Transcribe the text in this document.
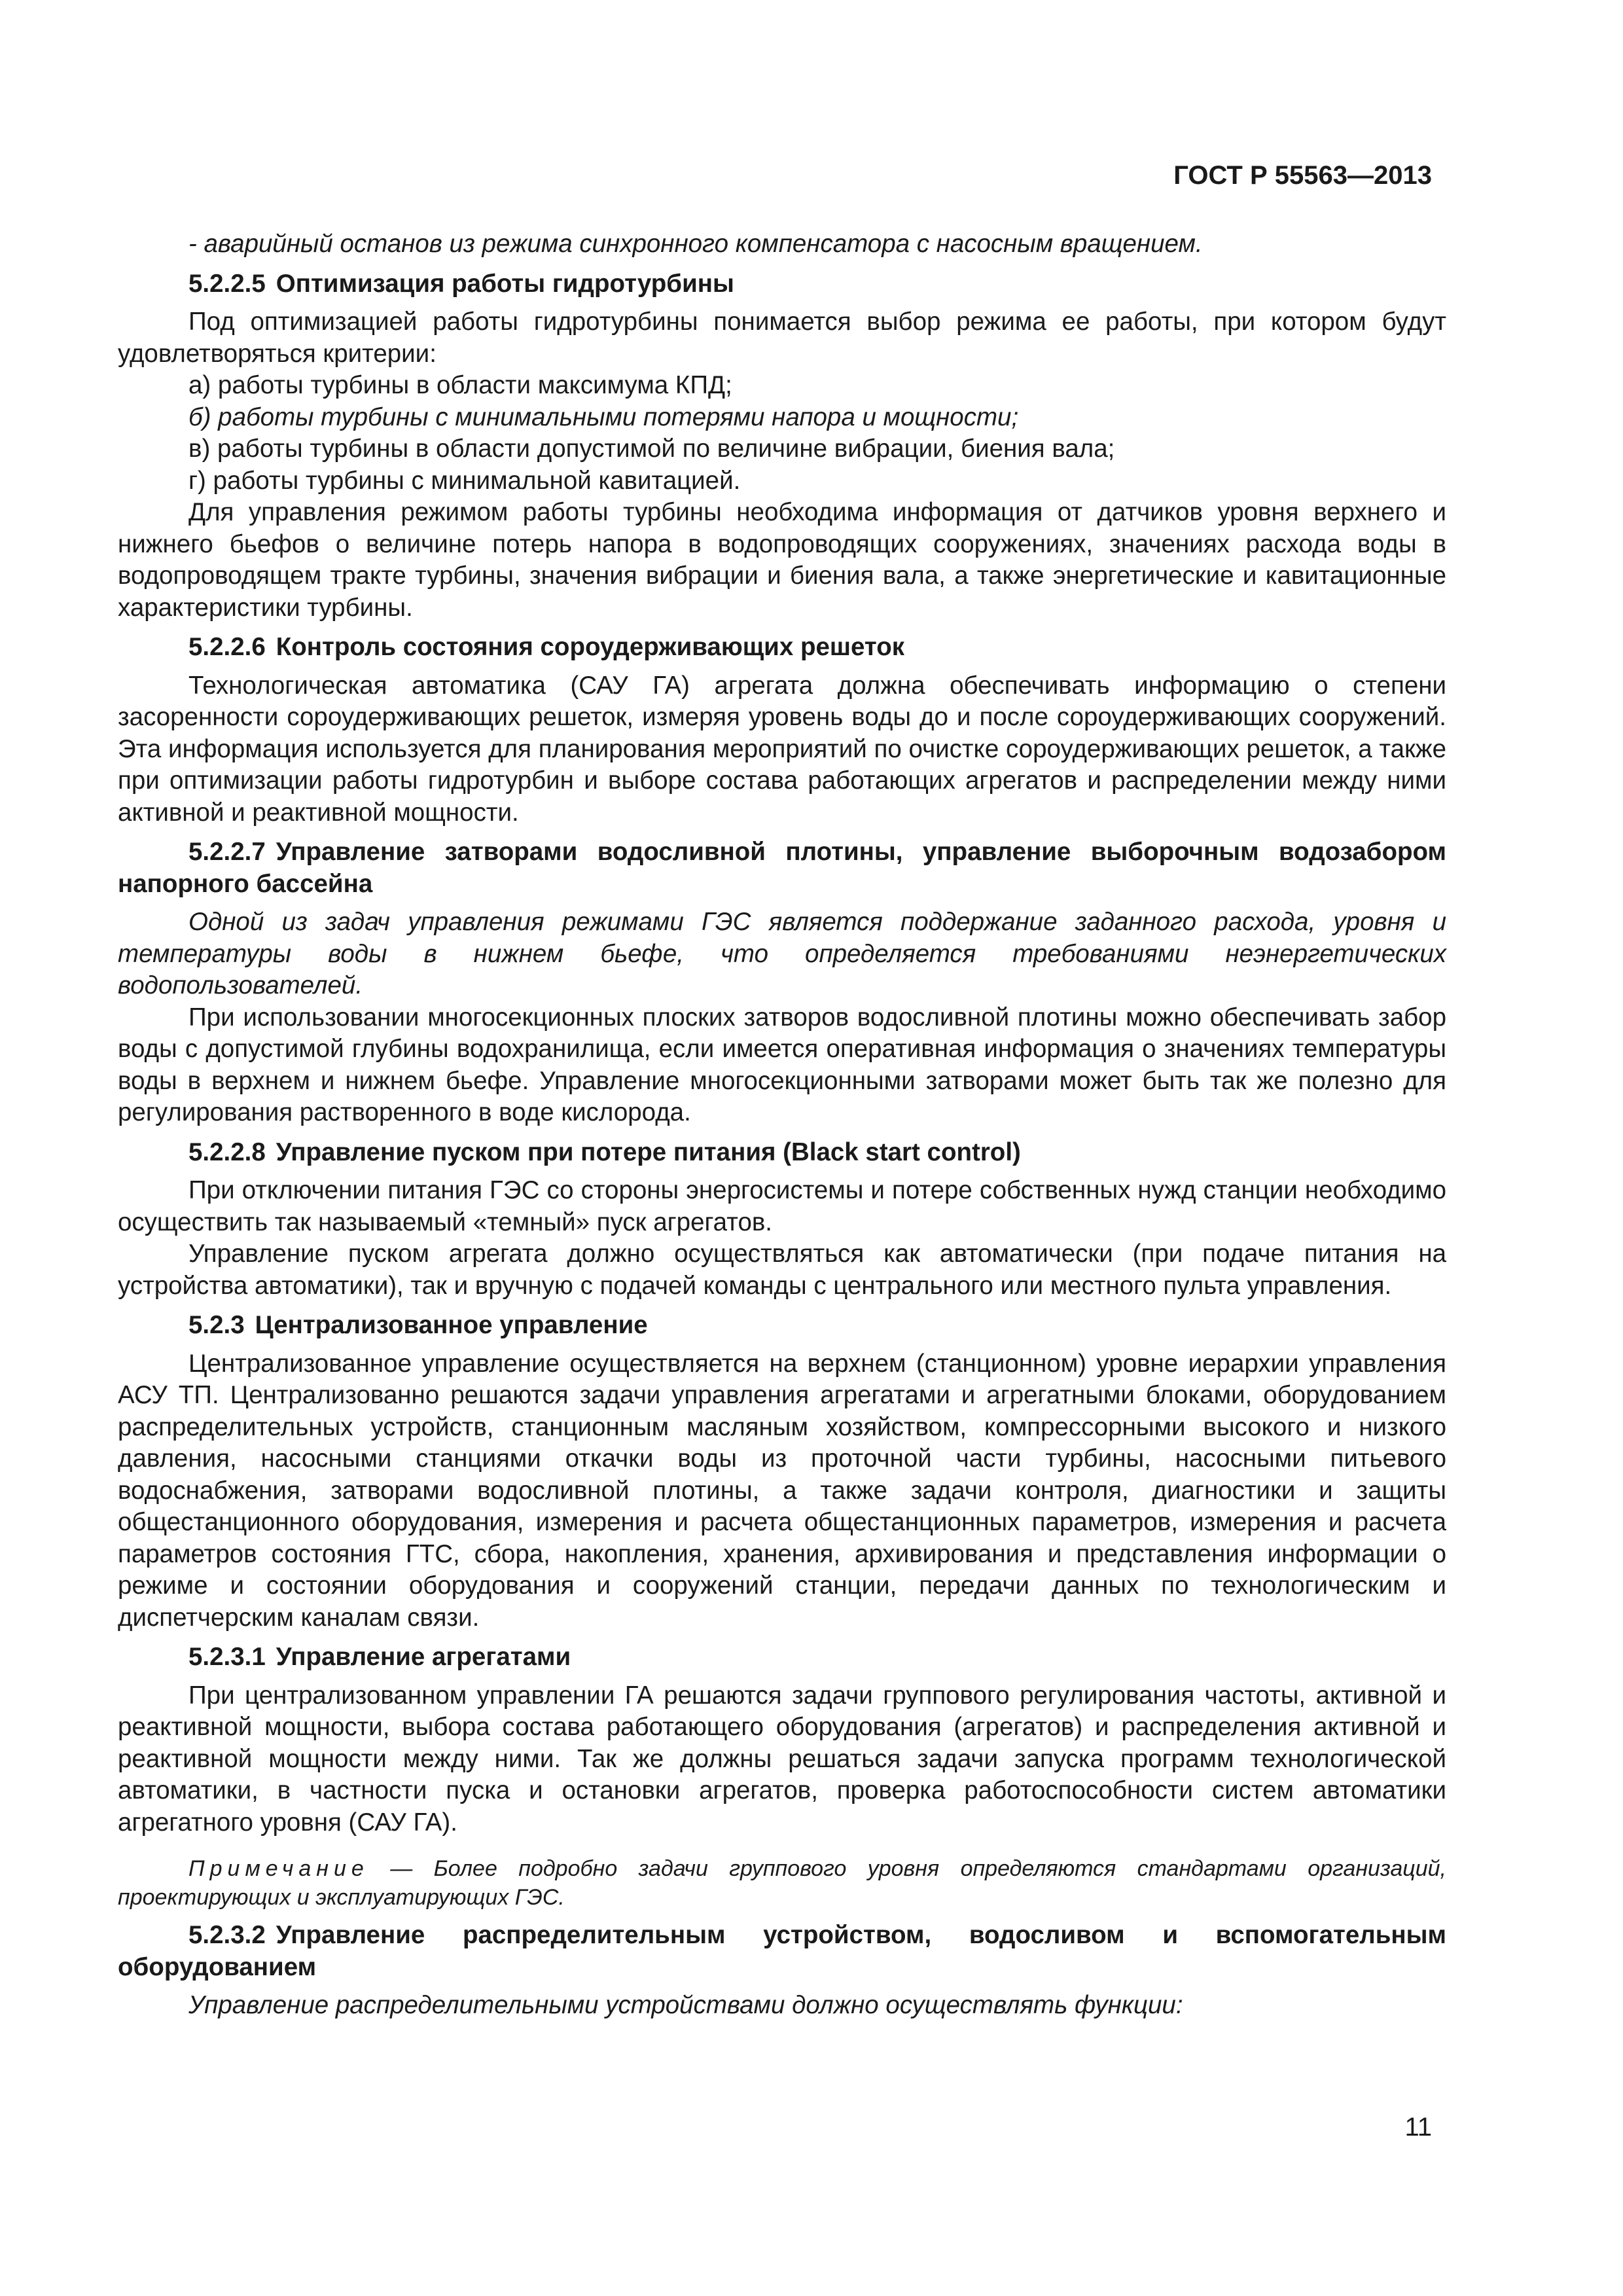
ГОСТ Р 55563—2013

- аварийный останов из режима синхронного компенсатора с насосным вращением.

5.2.2.5 Оптимизация работы гидротурбины

Под оптимизацией работы гидротурбины понимается выбор режима ее работы, при котором будут удовлетворяться критерии:

а) работы турбины в области максимума КПД;

б) работы турбины с минимальными потерями напора и мощности;

в) работы турбины в области допустимой по величине вибрации, биения вала;

г) работы турбины с минимальной кавитацией.

Для управления режимом работы турбины необходима информация от датчиков уровня верхнего и нижнего бьефов о величине потерь напора в водопроводящих сооружениях, значениях расхода воды в водопроводящем тракте турбины, значения вибрации и биения вала, а также энергетические и кавитационные характеристики турбины.

5.2.2.6 Контроль состояния сороудерживающих решеток

Технологическая автоматика (САУ ГА) агрегата должна обеспечивать информацию о степени засоренности сороудерживающих решеток, измеряя уровень воды до и после сороудерживающих сооружений. Эта информация используется для планирования мероприятий по очистке сороудерживающих решеток, а также при оптимизации работы гидротурбин и выборе состава работающих агрегатов и распределении между ними активной и реактивной мощности.

5.2.2.7 Управление затворами водосливной плотины, управление выборочным водозабором напорного бассейна

Одной из задач управления режимами ГЭС является поддержание заданного расхода, уровня и температуры воды в нижнем бьефе, что определяется требованиями неэнергетических водопользователей.

При использовании многосекционных плоских затворов водосливной плотины можно обеспечивать забор воды с допустимой глубины водохранилища, если имеется оперативная информация о значениях температуры воды в верхнем и нижнем бьефе. Управление многосекционными затворами может быть так же полезно для регулирования растворенного в воде кислорода.

5.2.2.8 Управление пуском при потере питания (Black start control)

При отключении питания ГЭС со стороны энергосистемы и потере собственных нужд станции необходимо осуществить так называемый «темный» пуск агрегатов.

Управление пуском агрегата должно осуществляться как автоматически (при подаче питания на устройства автоматики), так и вручную с подачей команды с центрального или местного пульта управления.

5.2.3 Централизованное управление

Централизованное управление осуществляется на верхнем (станционном) уровне иерархии управления АСУ ТП. Централизованно решаются задачи управления агрегатами и агрегатными блоками, оборудованием распределительных устройств, станционным масляным хозяйством, компрессорными высокого и низкого давления, насосными станциями откачки воды из проточной части турбины, насосными питьевого водоснабжения, затворами водосливной плотины, а также задачи контроля, диагностики и защиты общестанционного оборудования, измерения и расчета общестанционных параметров, измерения и расчета параметров состояния ГТС, сбора, накопления, хранения, архивирования и представления информации о режиме и состоянии оборудования и сооружений станции, передачи данных по технологическим и диспетчерским каналам связи.

5.2.3.1 Управление агрегатами

При централизованном управлении ГА решаются задачи группового регулирования частоты, активной и реактивной мощности, выбора состава работающего оборудования (агрегатов) и распределения активной и реактивной мощности между ними. Так же должны решаться задачи запуска программ технологической автоматики, в частности пуска и остановки агрегатов, проверка работоспособности систем автоматики агрегатного уровня (САУ ГА).

Примечание — Более подробно задачи группового уровня определяются стандартами организаций, проектирующих и эксплуатирующих ГЭС.

5.2.3.2 Управление распределительным устройством, водосливом и вспомогательным оборудованием

Управление распределительными устройствами должно осуществлять функции:

11
